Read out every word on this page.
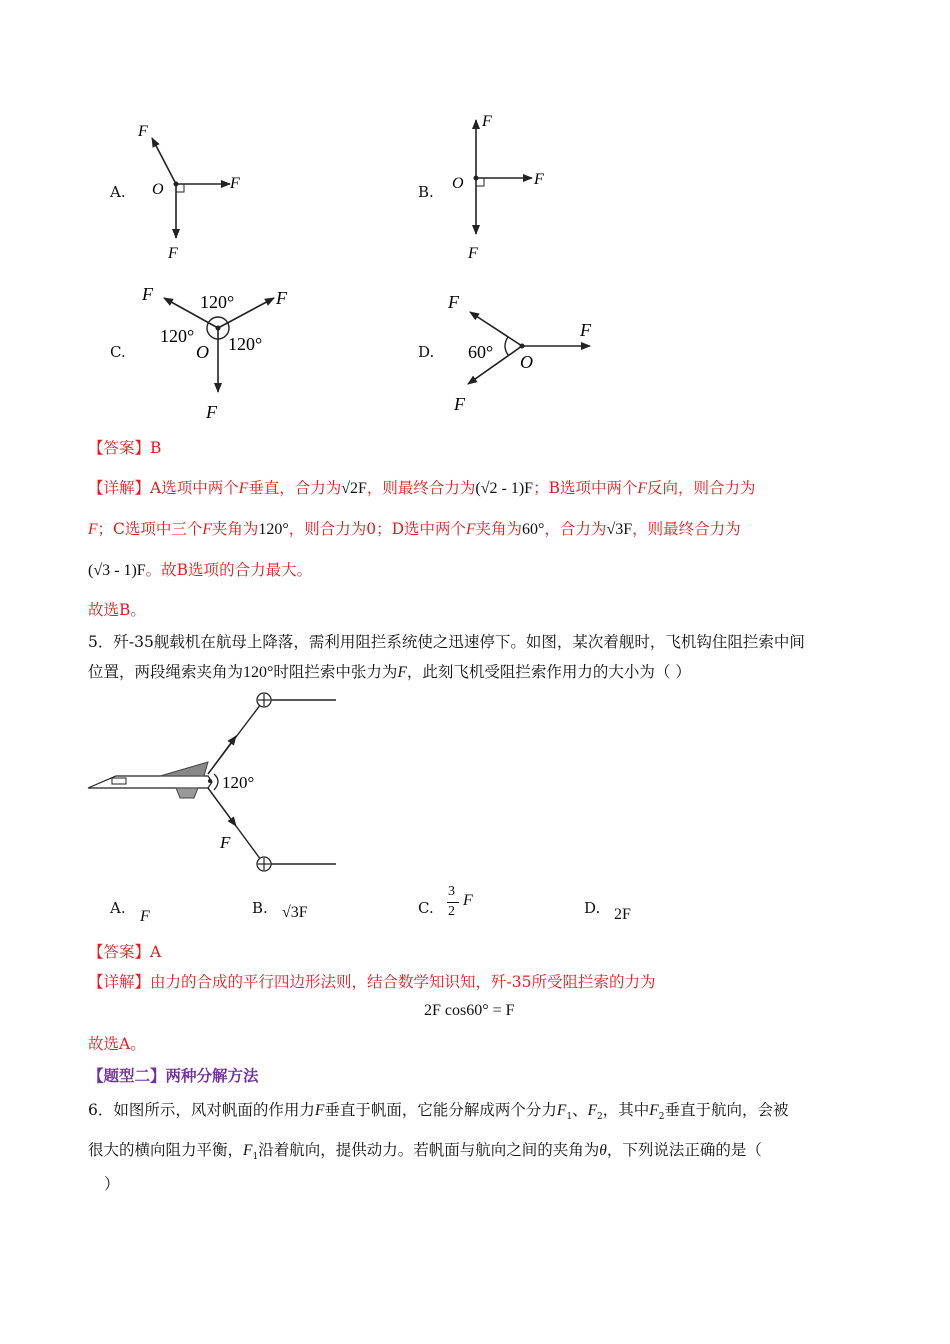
A.
F
O	F
F
B.
F
O	F
F
C.
F	F
F
120°
120° 120°
O	D.
F
F
F
60° O
【答案】B
【详解】A选项中两个F垂直，合力为√2F，则最终合力为(√2 - 1)F；B选项中两个F反向，则合力为
F；C选项中三个F夹角为120°，则合力为0；D选中两个F夹角为60°，合力为√3F，则最终合力为
(√3 - 1)F。故B选项的合力最大。
故选B。
5．歼-35舰载机在航母上降落，需利用阻拦系统使之迅速停下。如图，某次着舰时，飞机钩住阻拦索中间
位置，两段绳索夹角为120°时阻拦索中张力为F，此刻飞机受阻拦索作用力的大小为（ ）
120°
F
A. F	B. √3F	C.
3
2
F	D. 2F
【答案】A
【详解】由力的合成的平行四边形法则，结合数学知识知，歼-35所受阻拦索的力为
2F cos60° = F
故选A。
【题型二】两种分解方法
6．如图所示，风对帆面的作用力F垂直于帆面，它能分解成两个分力$F_1$、$F_2$，其中$F_2$垂直于航向，会被
很大的横向阻力平衡，$F_1$沿着航向，提供动力。若帆面与航向之间的夹角为θ，下列说法正确的是（
）
